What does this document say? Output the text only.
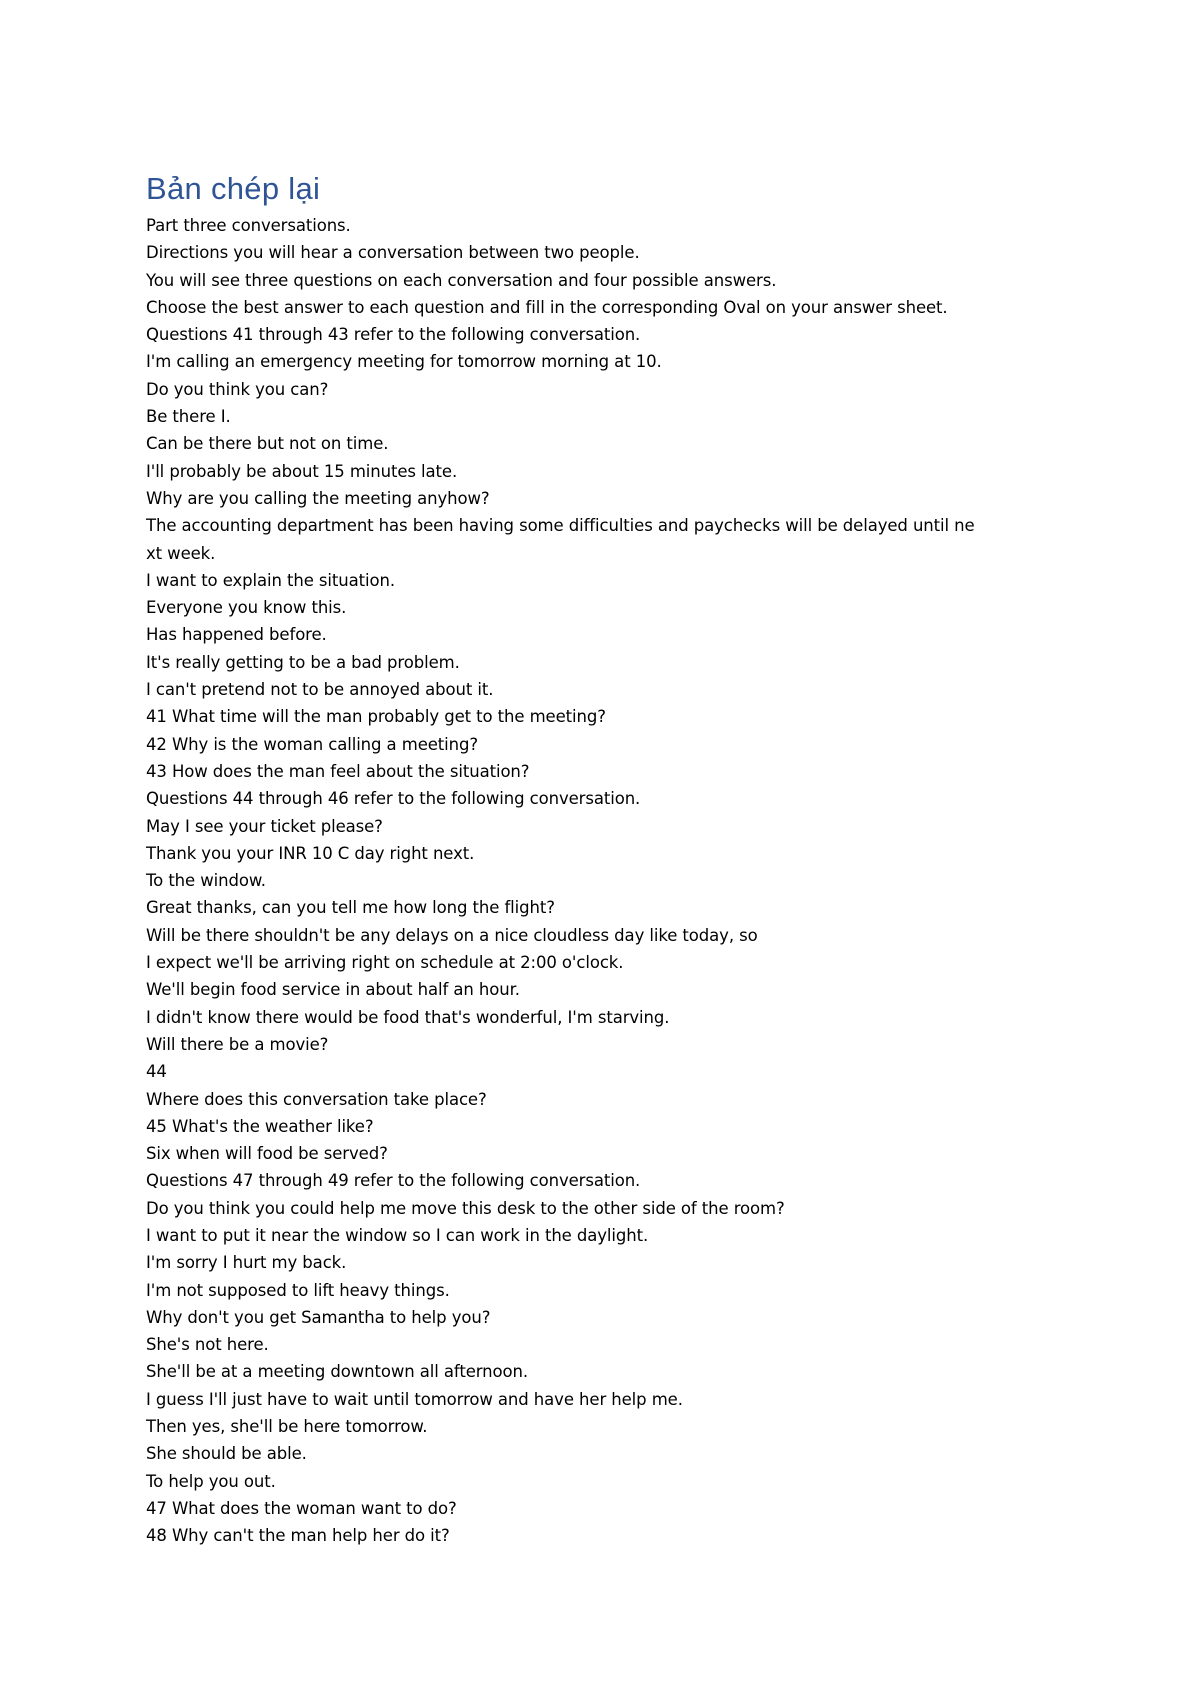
Bản chép lại
Part three conversations.
Directions you will hear a conversation between two people.
You will see three questions on each conversation and four possible answers.
Choose the best answer to each question and fill in the corresponding Oval on your answer sheet.
Questions 41 through 43 refer to the following conversation.
I'm calling an emergency meeting for tomorrow morning at 10.
Do you think you can?
Be there I.
Can be there but not on time.
I'll probably be about 15 minutes late.
Why are you calling the meeting anyhow?
The accounting department has been having some difficulties and paychecks will be delayed until ne
xt week.
I want to explain the situation.
Everyone you know this.
Has happened before.
It's really getting to be a bad problem.
I can't pretend not to be annoyed about it.
41 What time will the man probably get to the meeting?
42 Why is the woman calling a meeting?
43 How does the man feel about the situation?
Questions 44 through 46 refer to the following conversation.
May I see your ticket please?
Thank you your INR 10 C day right next.
To the window.
Great thanks, can you tell me how long the flight?
Will be there shouldn't be any delays on a nice cloudless day like today, so
I expect we'll be arriving right on schedule at 2:00 o'clock.
We'll begin food service in about half an hour.
I didn't know there would be food that's wonderful, I'm starving.
Will there be a movie?
44
Where does this conversation take place?
45 What's the weather like?
Six when will food be served?
Questions 47 through 49 refer to the following conversation.
Do you think you could help me move this desk to the other side of the room?
I want to put it near the window so I can work in the daylight.
I'm sorry I hurt my back.
I'm not supposed to lift heavy things.
Why don't you get Samantha to help you?
She's not here.
She'll be at a meeting downtown all afternoon.
I guess I'll just have to wait until tomorrow and have her help me.
Then yes, she'll be here tomorrow.
She should be able.
To help you out.
47 What does the woman want to do?
48 Why can't the man help her do it?
